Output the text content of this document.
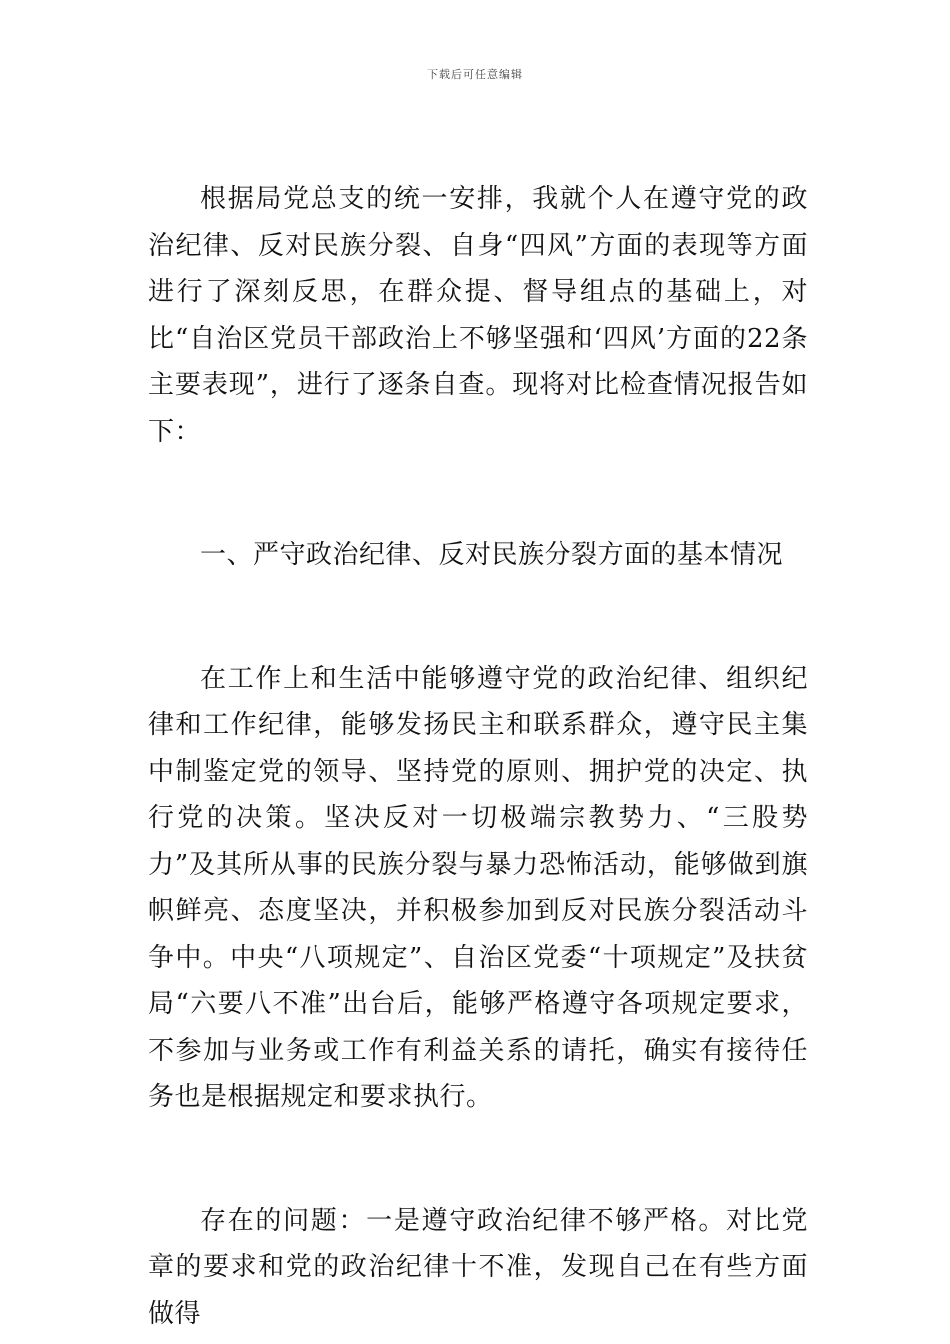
下载后可任意编辑

根据局党总支的统一安排，我就个人在遵守党的政治纪律、反对民族分裂、自身“四风”方面的表现等方面进行了深刻反思，在群众提、督导组点的基础上，对比“自治区党员干部政治上不够坚强和‘四风’方面的22条主要表现”，进行了逐条自查。现将对比检查情况报告如下：

一、严守政治纪律、反对民族分裂方面的基本情况

在工作上和生活中能够遵守党的政治纪律、组织纪律和工作纪律，能够发扬民主和联系群众，遵守民主集中制鉴定党的领导、坚持党的原则、拥护党的决定、执行党的决策。坚决反对一切极端宗教势力、“三股势力”及其所从事的民族分裂与暴力恐怖活动，能够做到旗帜鲜亮、态度坚决，并积极参加到反对民族分裂活动斗争中。中央“八项规定”、自治区党委“十项规定”及扶贫局“六要八不准”出台后，能够严格遵守各项规定要求，不参加与业务或工作有利益关系的请托，确实有接待任务也是根据规定和要求执行。

存在的问题：一是遵守政治纪律不够严格。对比党章的要求和党的政治纪律十不准，发现自己在有些方面做得
